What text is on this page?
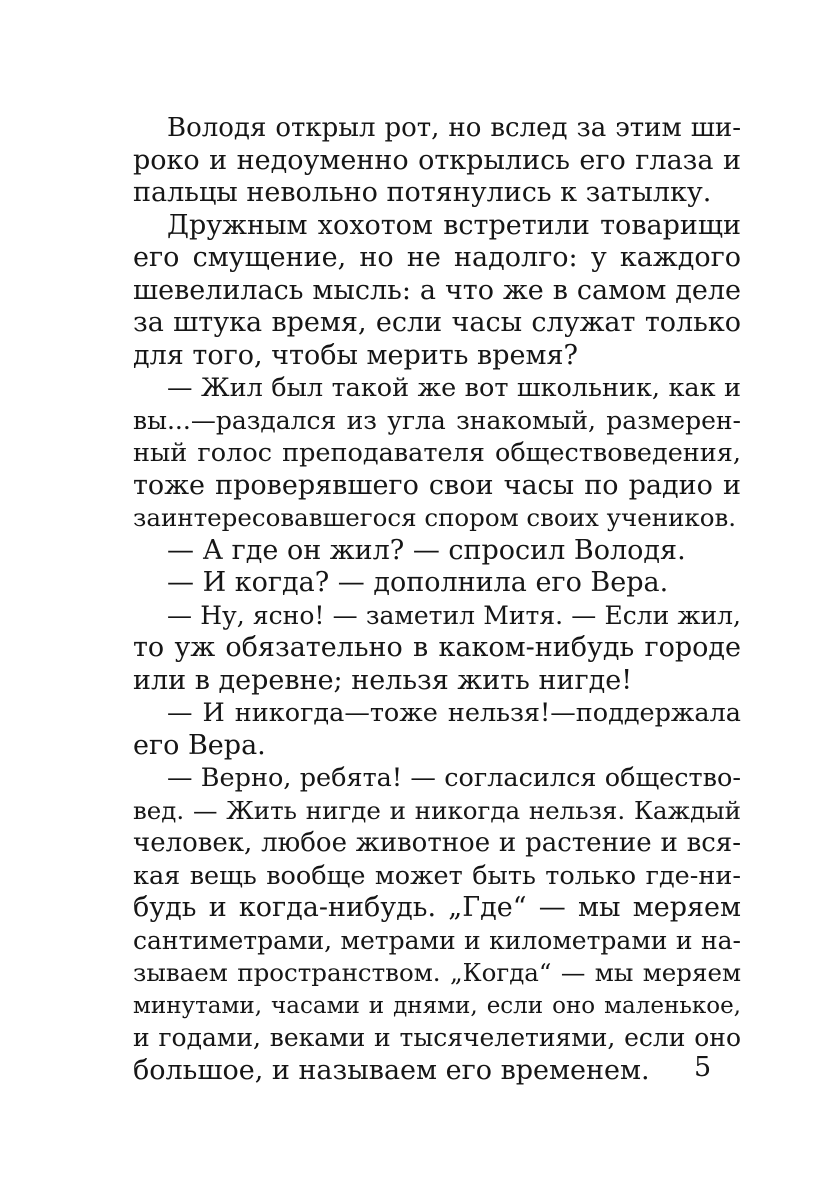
Володя открыл рот, но вслед за этим ши-
роко и недоуменно открылись его глаза и
пальцы невольно потянулись к затылку.
Дружным хохотом встретили товарищи
его смущение, но не надолго: у каждого
шевелилась мысль: а что же в самом деле
за штука время, если часы служат только
для того, чтобы мерить время?
— Жил был такой же вот школьник, как и
вы...—раздался из угла знакомый, размерен-
ный голос преподавателя обществоведения,
тоже проверявшего свои часы по радио и
заинтересовавшегося спором своих учеников.
— А где он жил? — спросил Володя.
— И когда? — дополнила его Вера.
— Ну, ясно! — заметил Митя. — Если жил,
то уж обязательно в каком-нибудь городе
или в деревне; нельзя жить нигде!
— И никогда—тоже нельзя!—поддержала
его Вера.
— Верно, ребята! — согласился общество-
вед. — Жить нигде и никогда нельзя. Каждый
человек, любое животное и растение и вся-
кая вещь вообще может быть только где-ни-
будь и когда-нибудь. „Где“ — мы меряем
сантиметрами, метрами и километрами и на-
зываем пространством. „Когда“ — мы меряем
минутами, часами и днями, если оно маленькое,
и годами, веками и тысячелетиями, если оно
большое, и называем его временем.	5
